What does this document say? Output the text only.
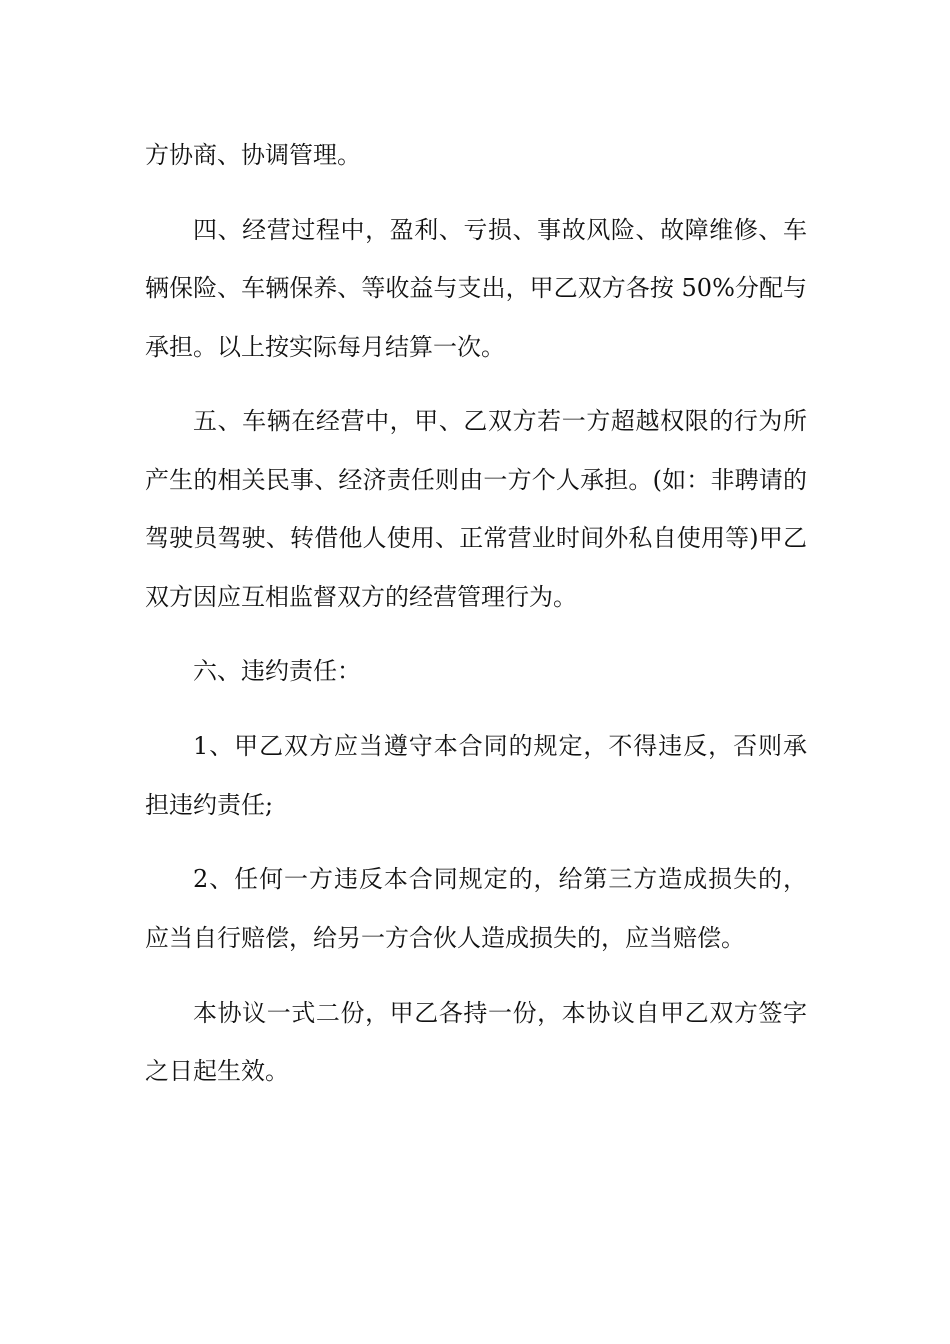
方协商、协调管理。

四、经营过程中，盈利、亏损、事故风险、故障维修、车辆保险、车辆保养、等收益与支出，甲乙双方各按 50%分配与承担。以上按实际每月结算一次。

五、车辆在经营中，甲、乙双方若一方超越权限的行为所产生的相关民事、经济责任则由一方个人承担。(如：非聘请的驾驶员驾驶、转借他人使用、正常营业时间外私自使用等)甲乙双方因应互相监督双方的经营管理行为。

六、违约责任：

1、甲乙双方应当遵守本合同的规定，不得违反，否则承担违约责任;

2、任何一方违反本合同规定的，给第三方造成损失的，应当自行赔偿，给另一方合伙人造成损失的，应当赔偿。

本协议一式二份，甲乙各持一份，本协议自甲乙双方签字之日起生效。
